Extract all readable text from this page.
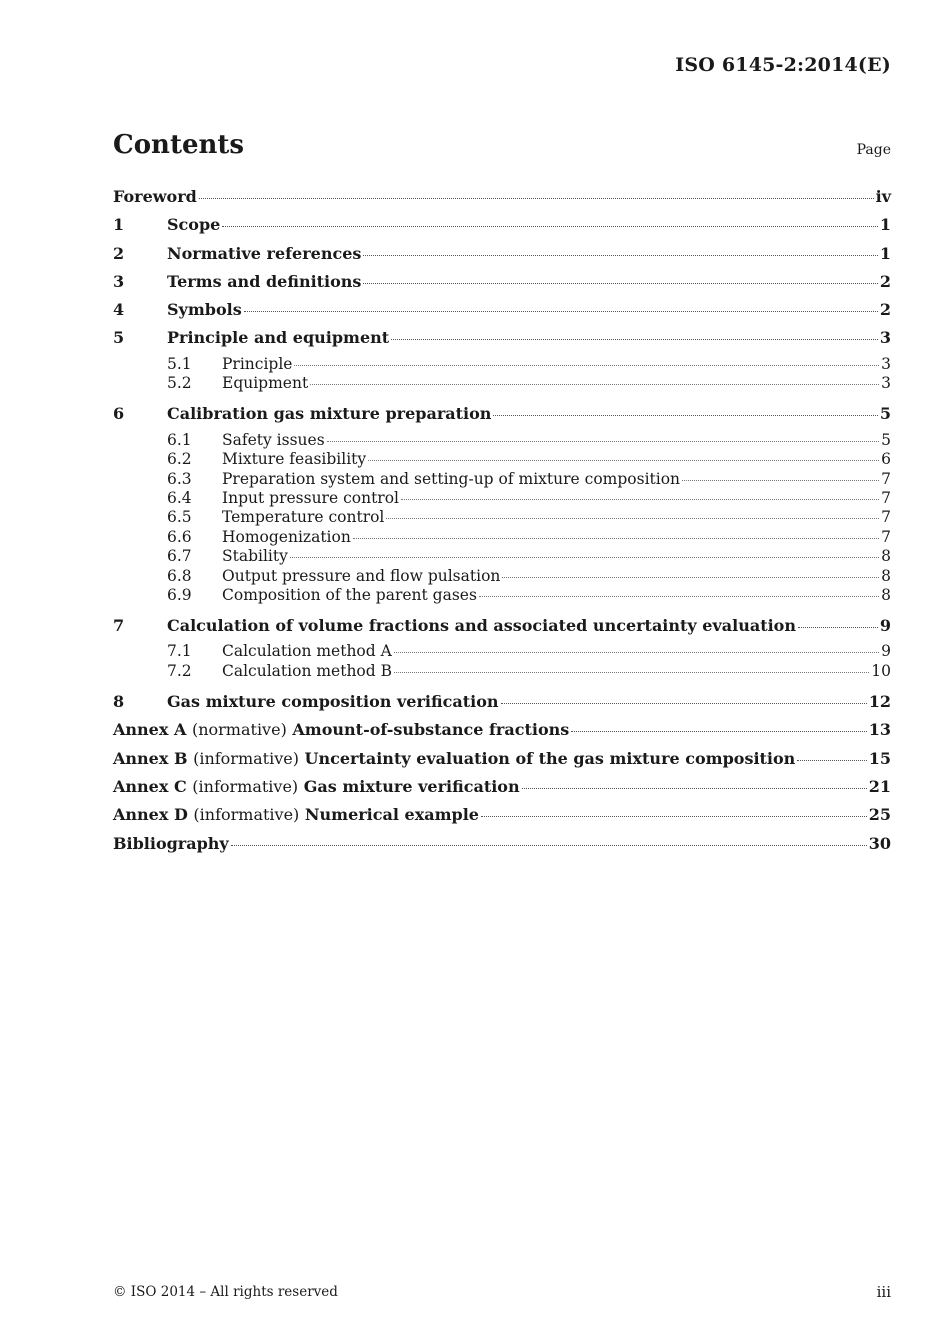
ISO 6145-2:2014(E)
Contents	Page
Foreword	iv
1	Scope	1
2	Normative references	1
3	Terms and definitions	2
4	Symbols	2
5	Principle and equipment	3
5.1	Principle	3
5.2	Equipment	3
6	Calibration gas mixture preparation	5
6.1	Safety issues	5
6.2	Mixture feasibility	6
6.3	Preparation system and setting-up of mixture composition	7
6.4	Input pressure control	7
6.5	Temperature control	7
6.6	Homogenization	7
6.7	Stability	8
6.8	Output pressure and flow pulsation	8
6.9	Composition of the parent gases	8
7	Calculation of volume fractions and associated uncertainty evaluation	9
7.1	Calculation method A	9
7.2	Calculation method B	10
8	Gas mixture composition verification	12
Annex A (normative) Amount-of-substance fractions	13
Annex B (informative) Uncertainty evaluation of the gas mixture composition	15
Annex C (informative) Gas mixture verification	21
Annex D (informative) Numerical example	25
Bibliography	30
© ISO 2014 – All rights reserved	iii
